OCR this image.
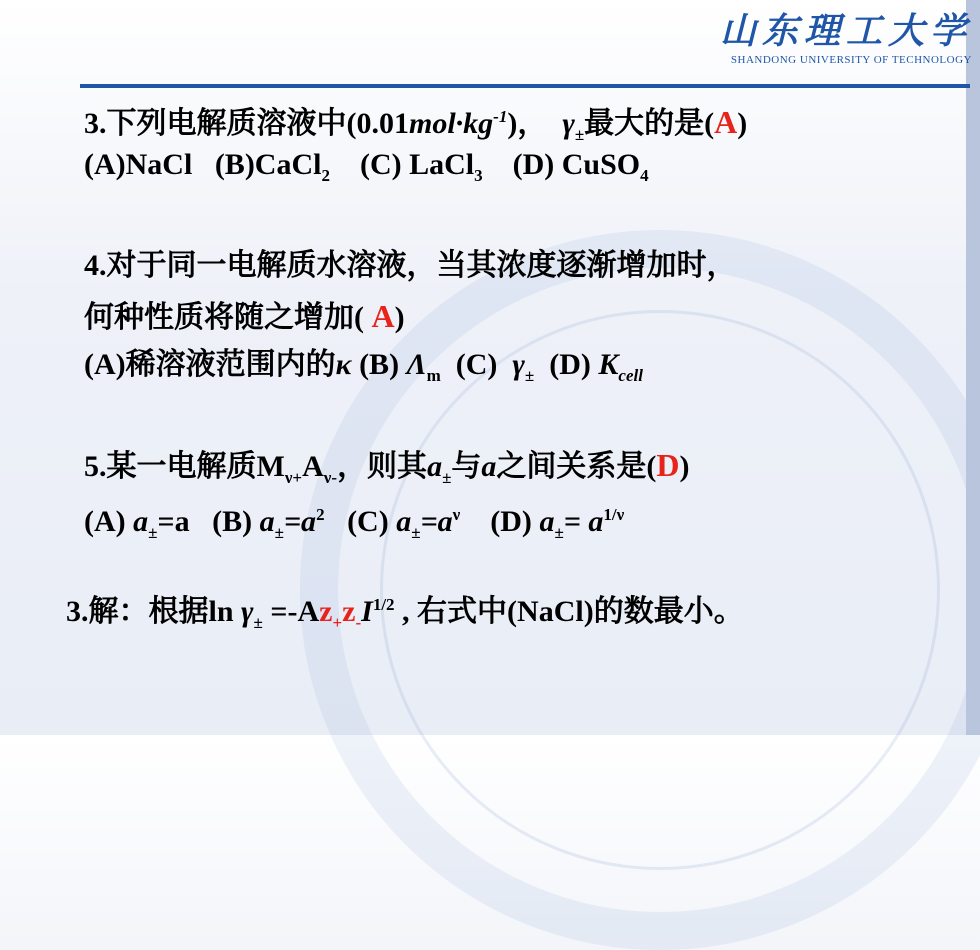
山东理工大学
SHANDONG UNIVERSITY OF TECHNOLOGY
3.下列电解质溶液中$(0.01mol\cdot kg^{-1})$， $\gamma_\pm$最大的是(A)
(A)NaCl (B)CaCl$_2$ (C) LaCl$_3$ (D) CuSO$_4$
4.对于同一电解质水溶液，当其浓度逐渐增加时，
何种性质将随之增加( A)
(A)稀溶液范围内的κ (B) $\Lambda_m$ (C) $\gamma_\pm$ (D) $K_{cell}$
5.某一电解质$M_{\nu+}A_{\nu-}$，则其$a_\pm$与a之间关系是(D)
(A) $a_\pm=a$ (B) $a_\pm=a^2$ (C) $a_\pm=a^\nu$ (D) $a_\pm= a^{1/\nu}$
3.解：根据$\ln \gamma_\pm =-Az_+z_-I^{1/2}$ , 右式中(NaCl)的数最小。
